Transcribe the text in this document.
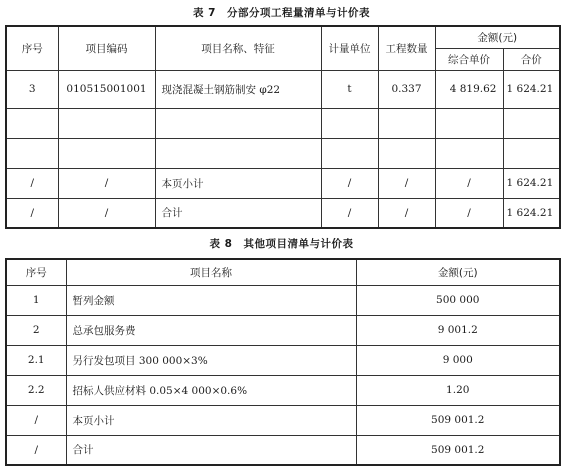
表 7　分部分项工程量清单与计价表
序号	项目编码	项目名称、特征	计量单位	工程数量	金额(元)	
					综合单价	合价
3	010515001001	现浇混凝土钢筋制安 φ22	t	0.337	4 819.62	1 624.21

/	/	本页小计	/	/	/	1 624.21
/	/	合计	/	/	/	1 624.21
表 8　其他项目清单与计价表
序号	项目名称	金额(元)
1	暂列金额	500 000
2	总承包服务费	9 001.2
2.1	另行发包项目 300 000×3%	9 000
2.2	招标人供应材料 0.05×4 000×0.6%	1.20
/	本页小计	509 001.2
/	合计	509 001.2
